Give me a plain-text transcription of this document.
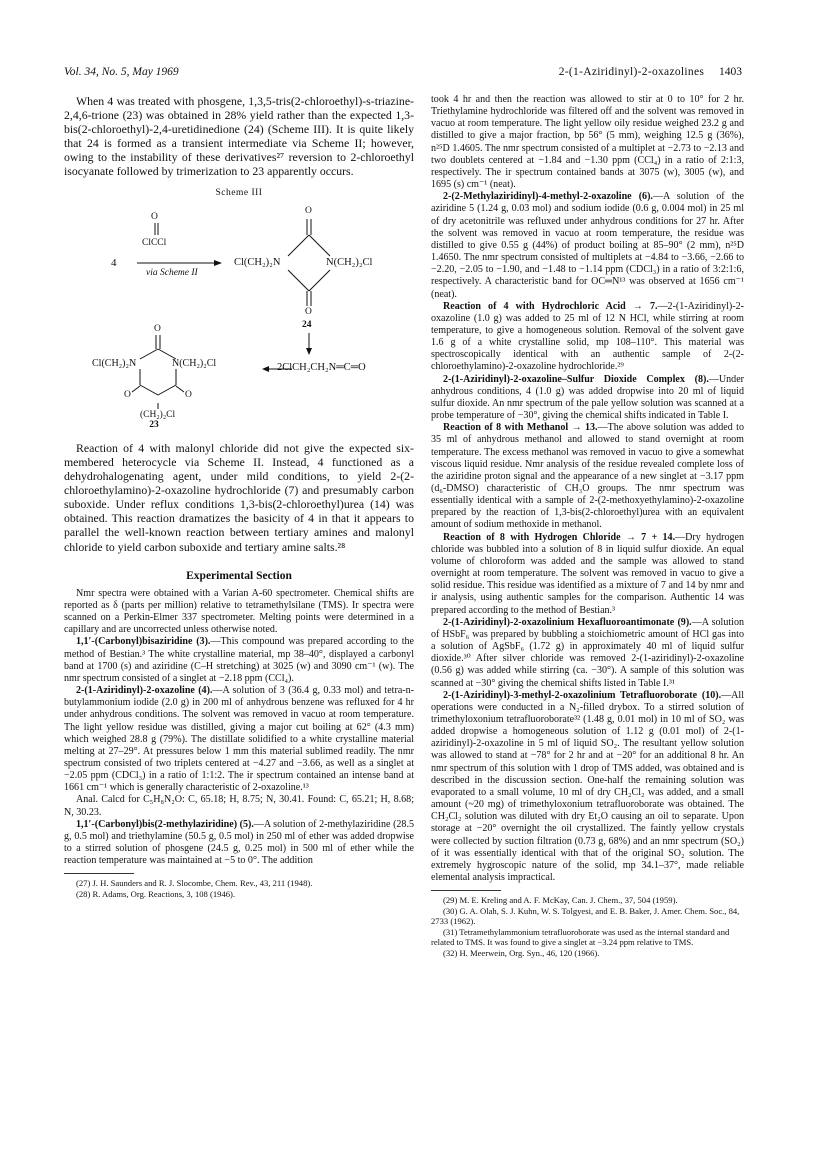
Vol. 34, No. 5, May 1969	2-(1-Aziridinyl)-2-oxazolines 1403

When 4 was treated with phosgene, 1,3,5-tris(2-chloroethyl)-s-triazine-2,4,6-trione (23) was obtained in 28% yield rather than the expected 1,3-bis(2-chloroethyl)-2,4-uretidinedione (24) (Scheme III). It is quite likely that 24 is formed as a transient intermediate via Scheme II; however, owing to the instability of these derivatives²⁷ reversion to 2-chloroethyl isocyanate followed by trimerization to 23 apparently occurs.

Scheme III
O
ClCCl
via Scheme II
4	Cl(CH₂)₂N	N(CH₂)₂Cl
O
O
24
2ClCH₂CH₂N═C═O
Cl(CH₂)₂N	N(CH₂)₂Cl
O
O	O
(CH₂)₂Cl
23

Reaction of 4 with malonyl chloride did not give the expected six-membered heterocycle via Scheme II. Instead, 4 functioned as a dehydrohalogenating agent, under mild conditions, to yield 2-(2-chloroethylamino)-2-oxazoline hydrochloride (7) and presumably carbon suboxide. Under reflux conditions 1,3-bis(2-chloroethyl)urea (14) was obtained. This reaction dramatizes the basicity of 4 in that it appears to parallel the well-known reaction between tertiary amines and malonyl chloride to yield carbon suboxide and tertiary amine salts.²⁸

Experimental Section

Nmr spectra were obtained with a Varian A-60 spectrometer. Chemical shifts are reported as δ (parts per million) relative to tetramethylsilane (TMS). Ir spectra were scanned on a Perkin-Elmer 337 spectrometer. Melting points were determined in a capillary and are uncorrected unless otherwise noted.

1,1′-(Carbonyl)bisaziridine (3).—This compound was prepared according to the method of Bestian.³ The white crystalline material, mp 38–40°, displayed a carbonyl band at 1700 (s) and aziridine (C–H stretching) at 3025 (w) and 3090 cm⁻¹ (w). The nmr spectrum consisted of a singlet at −2.18 ppm (CCl₄).

2-(1-Aziridinyl)-2-oxazoline (4).—A solution of 3 (36.4 g, 0.33 mol) and tetra-n-butylammonium iodide (2.0 g) in 200 ml of anhydrous benzene was refluxed for 4 hr under anhydrous conditions. The solvent was removed in vacuo at room temperature. The light yellow residue was distilled, giving a major cut boiling at 62° (4.3 mm) which weighed 28.8 g (79%). The distillate solidified to a white crystalline material melting at 27–29°. At pressures below 1 mm this material sublimed readily. The nmr spectrum consisted of two triplets centered at −4.27 and −3.66, as well as a singlet at −2.05 ppm (CDCl₃) in a ratio of 1:1:2. The ir spectrum contained an intense band at 1661 cm⁻¹ which is generally characteristic of 2-oxazoline.¹³

Anal. Calcd for C₅H₈N₂O: C, 65.18; H, 8.75; N, 30.41. Found: C, 65.21; H, 8.68; N, 30.23.

1,1′-(Carbonyl)bis(2-methylaziridine) (5).—A solution of 2-methylaziridine (28.5 g, 0.5 mol) and triethylamine (50.5 g, 0.5 mol) in 250 ml of ether was added dropwise to a stirred solution of phosgene (24.5 g, 0.25 mol) in 500 ml of ether while the reaction temperature was maintained at −5 to 0°. The addition

(27) J. H. Saunders and R. J. Slocombe, Chem. Rev., 43, 211 (1948).

(28) R. Adams, Org. Reactions, 3, 108 (1946).

took 4 hr and then the reaction was allowed to stir at 0 to 10° for 2 hr. Triethylamine hydrochloride was filtered off and the solvent was removed in vacuo at room temperature. The light yellow oily residue weighed 23.2 g and distilled to give a major fraction, bp 56° (5 mm), weighing 12.5 g (36%), n²⁵D 1.4605. The nmr spectrum consisted of a multiplet at −2.73 to −2.13 and two doublets centered at −1.84 and −1.30 ppm (CCl₄) in a ratio of 2:1:3, respectively. The ir spectrum contained bands at 3075 (w), 3005 (w), and 1695 (s) cm⁻¹ (neat).

2-(2-Methylaziridinyl)-4-methyl-2-oxazoline (6).—A solution of the aziridine 5 (1.24 g, 0.03 mol) and sodium iodide (0.6 g, 0.004 mol) in 25 ml of dry acetonitrile was refluxed under anhydrous conditions for 27 hr. After the solvent was removed in vacuo at room temperature, the residue was distilled to give 0.55 g (44%) of product boiling at 85–90° (2 mm), n²⁵D 1.4650. The nmr spectrum consisted of multiplets at −4.84 to −3.66, −2.66 to −2.20, −2.05 to −1.90, and −1.48 to −1.14 ppm (CDCl₃) in a ratio of 3:2:1:6, respectively. A characteristic band for OC═N¹³ was observed at 1656 cm⁻¹ (neat).

Reaction of 4 with Hydrochloric Acid → 7.—2-(1-Aziridinyl)-2-oxazoline (1.0 g) was added to 25 ml of 12 N HCl, while stirring at room temperature, to give a homogeneous solution. Removal of the solvent gave 1.6 g of a white crystalline solid, mp 108–110°. This material was spectroscopically identical with an authentic sample of 2-(2-chloroethylamino)-2-oxazoline hydrochloride.²⁹

2-(1-Aziridinyl)-2-oxazoline–Sulfur Dioxide Complex (8).—Under anhydrous conditions, 4 (1.0 g) was added dropwise into 20 ml of liquid sulfur dioxide. An nmr spectrum of the pale yellow solution was scanned at a probe temperature of −30°, giving the chemical shifts indicated in Table I.

Reaction of 8 with Methanol → 13.—The above solution was added to 35 ml of anhydrous methanol and allowed to stand overnight at room temperature. The excess methanol was removed in vacuo to give a somewhat viscous liquid residue. Nmr analysis of the residue revealed complete loss of the aziridine proton signal and the appearance of a new singlet at −3.17 ppm (d₆-DMSO) characteristic of CH₃O groups. The nmr spectrum was essentially identical with a sample of 2-(2-methoxyethylamino)-2-oxazoline prepared by the reaction of 1,3-bis(2-chloroethyl)urea with an equivalent amount of sodium methoxide in methanol.

Reaction of 8 with Hydrogen Chloride → 7 + 14.—Dry hydrogen chloride was bubbled into a solution of 8 in liquid sulfur dioxide. An equal volume of chloroform was added and the sample was allowed to stand overnight at room temperature. The solvent was removed in vacuo to give a solid residue. This residue was identified as a mixture of 7 and 14 by nmr and ir analysis, using authentic samples for the comparison. Authentic 14 was prepared according to the method of Bestian.³

2-(1-Aziridinyl)-2-oxazolinium Hexafluoroantimonate (9).—A solution of HSbF₆ was prepared by bubbling a stoichiometric amount of HCl gas into a solution of AgSbF₆ (1.72 g) in approximately 40 ml of liquid sulfur dioxide.³⁰ After silver chloride was removed 2-(1-aziridinyl)-2-oxazoline (0.56 g) was added while stirring (ca. −30°). A sample of this solution was scanned at −30° giving the chemical shifts listed in Table I.³¹

2-(1-Aziridinyl)-3-methyl-2-oxazolinium Tetrafluoroborate (10).—All operations were conducted in a N₂-filled drybox. To a stirred solution of trimethyloxonium tetrafluoroborate³² (1.48 g, 0.01 mol) in 10 ml of SO₂ was added dropwise a homogeneous solution of 1.12 g (0.01 mol) of 2-(1-aziridinyl)-2-oxazoline in 5 ml of liquid SO₂. The resultant yellow solution was allowed to stand at −78° for 2 hr and at −20° for an additional 8 hr. An nmr spectrum of this solution with 1 drop of TMS added, was obtained and is described in the discussion section. One-half the remaining solution was evaporated to a small volume, 10 ml of dry CH₂Cl₂ was added, and a small amount (~20 mg) of trimethyloxonium tetrafluoroborate was obtained. The CH₂Cl₂ solution was diluted with dry Et₂O causing an oil to separate. Upon storage at −20° overnight the oil crystallized. The faintly yellow crystals were collected by suction filtration (0.73 g, 68%) and an nmr spectrum (SO₂) of it was essentially identical with that of the original SO₂ solution. The extremely hygroscopic nature of the solid, mp 34.1–37°, made reliable elemental analysis impractical.

(29) M. E. Kreling and A. F. McKay, Can. J. Chem., 37, 504 (1959).

(30) G. A. Olah, S. J. Kuhn, W. S. Tolgyesi, and E. B. Baker, J. Amer. Chem. Soc., 84, 2733 (1962).

(31) Tetramethylammonium tetrafluoroborate was used as the internal standard and related to TMS. It was found to give a singlet at −3.24 ppm relative to TMS.

(32) H. Meerwein, Org. Syn., 46, 120 (1966).
